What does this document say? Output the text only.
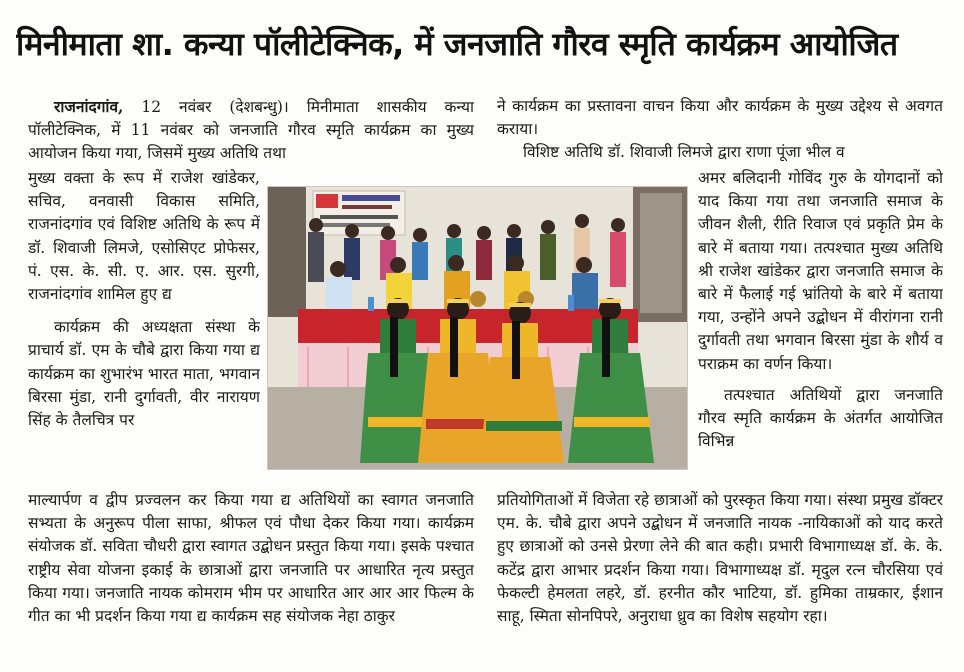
मिनीमाता शा. कन्या पॉलीटेक्निक, में जनजाति गौरव स्मृति कार्यक्रम आयोजित
राजनांदगांव, 12 नवंबर (देशबन्धु)। मिनीमाता शासकीय कन्या पॉलीटेक्निक, में 11 नवंबर को जनजाति गौरव स्मृति कार्यक्रम का मुख्य आयोजन किया गया, जिसमें मुख्य अतिथि तथा
मुख्य वक्ता के रूप में राजेश खांडेकर, सचिव, वनवासी विकास समिति, राजनांदगांव एवं विशिष्ट अतिथि के रूप में डॉ. शिवाजी लिमजे, एसोसिएट प्रोफेसर, पं. एस. के. सी. ए. आर. एस. सुरगी, राजनांदगांव शामिल हुए द्य
कार्यक्रम की अध्यक्षता संस्था के प्राचार्य डॉ. एम के चौबे द्वारा किया गया द्य कार्यक्रम का शुभारंभ भारत माता, भगवान बिरसा मुंडा, रानी दुर्गावती, वीर नारायण सिंह के तैलचित्र पर
माल्यार्पण व द्वीप प्रज्वलन कर किया गया द्य अतिथियों का स्वागत जनजाति सभ्यता के अनुरूप पीला साफा, श्रीफल एवं पौधा देकर किया गया। कार्यक्रम संयोजक डॉ. सविता चौधरी द्वारा स्वागत उद्बोधन प्रस्तुत किया गया। इसके पश्चात राष्ट्रीय सेवा योजना इकाई के छात्राओं द्वारा जनजाति पर आधारित नृत्य प्रस्तुत किया गया। जनजाति नायक कोमराम भीम पर आधारित आर आर आर फिल्म के गीत का भी प्रदर्शन किया गया द्य कार्यक्रम सह संयोजक नेहा ठाकुर
ने कार्यक्रम का प्रस्तावना वाचन किया और कार्यक्रम के मुख्य उद्देश्य से अवगत कराया।
विशिष्ट अतिथि डॉ. शिवाजी लिमजे द्वारा राणा पूंजा भील व
अमर बलिदानी गोविंद गुरु के योगदानों को याद किया गया तथा जनजाति समाज के जीवन शैली, रीति रिवाज एवं प्रकृति प्रेम के बारे में बताया गया। तत्पश्चात मुख्य अतिथि श्री राजेश खांडेकर द्वारा जनजाति समाज के बारे में फैलाई गई भ्रांतियो के बारे में बताया गया, उन्होंने अपने उद्बोधन में वीरांगना रानी दुर्गावती तथा भगवान बिरसा मुंडा के शौर्य व पराक्रम का वर्णन किया।
तत्पश्चात अतिथियों द्वारा जनजाति गौरव स्मृति कार्यक्रम के अंतर्गत आयोजित विभिन्न
प्रतियोगिताओं में विजेता रहे छात्राओं को पुरस्कृत किया गया। संस्था प्रमुख डॉक्टर एम. के. चौबे द्वारा अपने उद्बोधन में जनजाति नायक -नायिकाओं को याद करते हुए छात्राओं को उनसे प्रेरणा लेने की बात कही। प्रभारी विभागाध्यक्ष डॉ. के. के. कटेंद्र द्वारा आभार प्रदर्शन किया गया। विभागाध्यक्ष डॉ. मृदुल रत्न चौरसिया एवं फेकल्टी हेमलता लहरे, डॉ. हरनीत कौर भाटिया, डॉ. हुमिका ताम्रकार, ईशान साहू, स्मिता सोनपिपरे, अनुराधा ध्रुव का विशेष सहयोग रहा।
